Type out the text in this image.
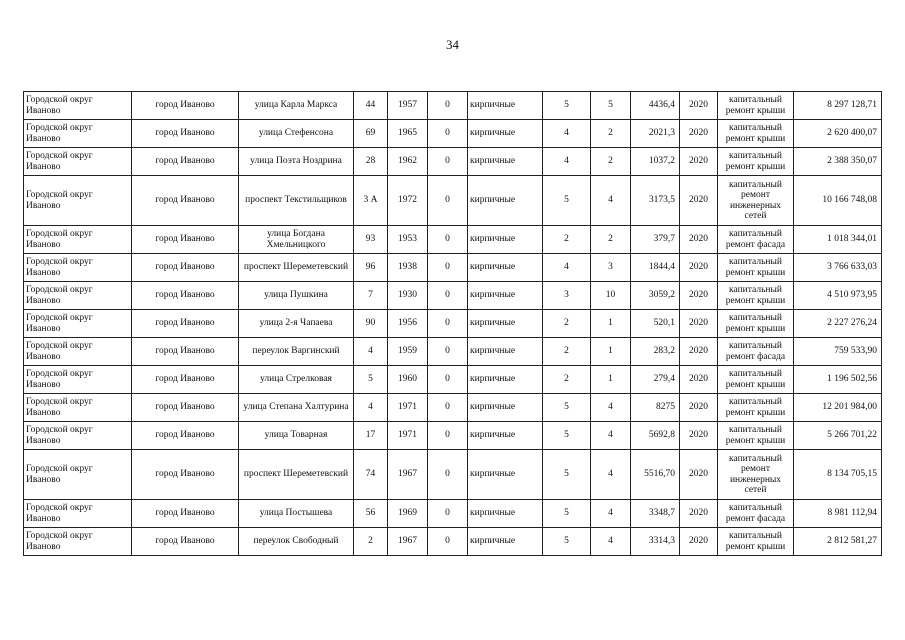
34
Городской округ Иваново	город Иваново	улица Карла Маркса	44	1957	0	кирпичные	5	5	4436,4	2020	капитальный ремонт крыши	8 297 128,71
Городской округ Иваново	город Иваново	улица Стефенсона	69	1965	0	кирпичные	4	2	2021,3	2020	капитальный ремонт крыши	2 620 400,07
Городской округ Иваново	город Иваново	улица Поэта Ноздрина	28	1962	0	кирпичные	4	2	1037,2	2020	капитальный ремонт крыши	2 388 350,07
Городской округ Иваново	город Иваново	проспект Текстильщиков	3 А	1972	0	кирпичные	5	4	3173,5	2020	капитальный ремонт инженерных сетей	10 166 748,08
Городской округ Иваново	город Иваново	улица Богдана Хмельницкого	93	1953	0	кирпичные	2	2	379,7	2020	капитальный ремонт фасада	1 018 344,01
Городской округ Иваново	город Иваново	проспект Шереметевский	96	1938	0	кирпичные	4	3	1844,4	2020	капитальный ремонт крыши	3 766 633,03
Городской округ Иваново	город Иваново	улица Пушкина	7	1930	0	кирпичные	3	10	3059,2	2020	капитальный ремонт крыши	4 510 973,95
Городской округ Иваново	город Иваново	улица 2-я Чапаева	90	1956	0	кирпичные	2	1	520,1	2020	капитальный ремонт крыши	2 227 276,24
Городской округ Иваново	город Иваново	переулок Варгинский	4	1959	0	кирпичные	2	1	283,2	2020	капитальный ремонт фасада	759 533,90
Городской округ Иваново	город Иваново	улица Стрелковая	5	1960	0	кирпичные	2	1	279,4	2020	капитальный ремонт крыши	1 196 502,56
Городской округ Иваново	город Иваново	улица Степана Халтурина	4	1971	0	кирпичные	5	4	8275	2020	капитальный ремонт крыши	12 201 984,00
Городской округ Иваново	город Иваново	улица Товарная	17	1971	0	кирпичные	5	4	5692,8	2020	капитальный ремонт крыши	5 266 701,22
Городской округ Иваново	город Иваново	проспект Шереметевский	74	1967	0	кирпичные	5	4	5516,70	2020	капитальный ремонт инженерных сетей	8 134 705,15
Городской округ Иваново	город Иваново	улица Постышева	56	1969	0	кирпичные	5	4	3348,7	2020	капитальный ремонт фасада	8 981 112,94
Городской округ Иваново	город Иваново	переулок Свободный	2	1967	0	кирпичные	5	4	3314,3	2020	капитальный ремонт крыши	2 812 581,27
